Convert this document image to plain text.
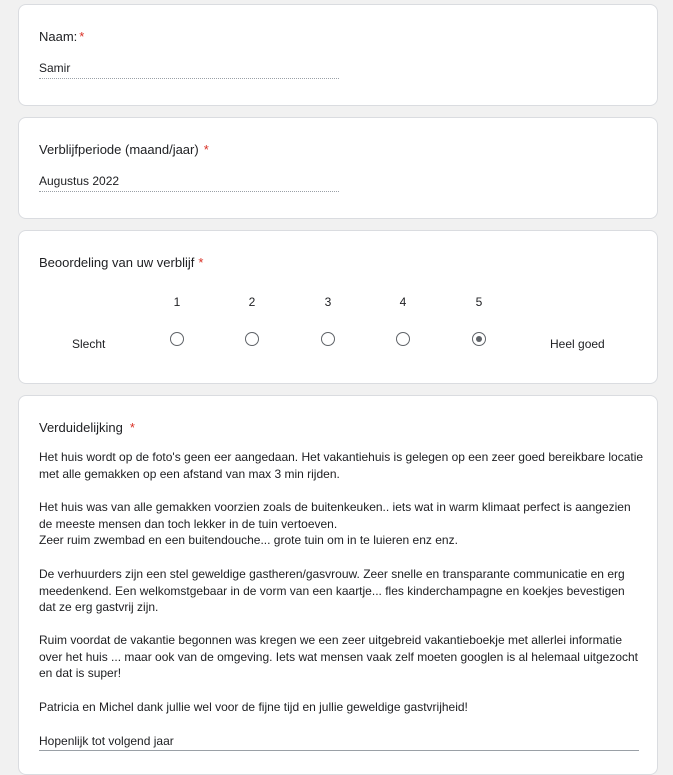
Naam: *
Samir
Verblijfperiode (maand/jaar) *
Augustus 2022
Beoordeling van uw verblijf *
1	2	3	4	5
Slecht	Heel goed
Verduidelijking *

Het huis wordt op de foto's geen eer aangedaan. Het vakantiehuis is gelegen op een zeer goed bereikbare locatie met alle gemakken op een afstand van max 3 min rijden.

Het huis was van alle gemakken voorzien zoals de buitenkeuken.. iets wat in warm klimaat perfect is aangezien de meeste mensen dan toch lekker in de tuin vertoeven.
Zeer ruim zwembad en een buitendouche... grote tuin om in te luieren enz enz.

De verhuurders zijn een stel geweldige gastheren/gasvrouw. Zeer snelle en transparante communicatie en erg meedenkend. Een welkomstgebaar in de vorm van een kaartje... fles kinderchampagne en koekjes bevestigen dat ze erg gastvrij zijn.

Ruim voordat de vakantie begonnen was kregen we een zeer uitgebreid vakantieboekje met allerlei informatie over het huis ... maar ook van de omgeving. Iets wat mensen vaak zelf moeten googlen is al helemaal uitgezocht en dat is super!

Patricia en Michel dank jullie wel voor de fijne tijd en jullie geweldige gastvrijheid!

Hopenlijk tot volgend jaar
